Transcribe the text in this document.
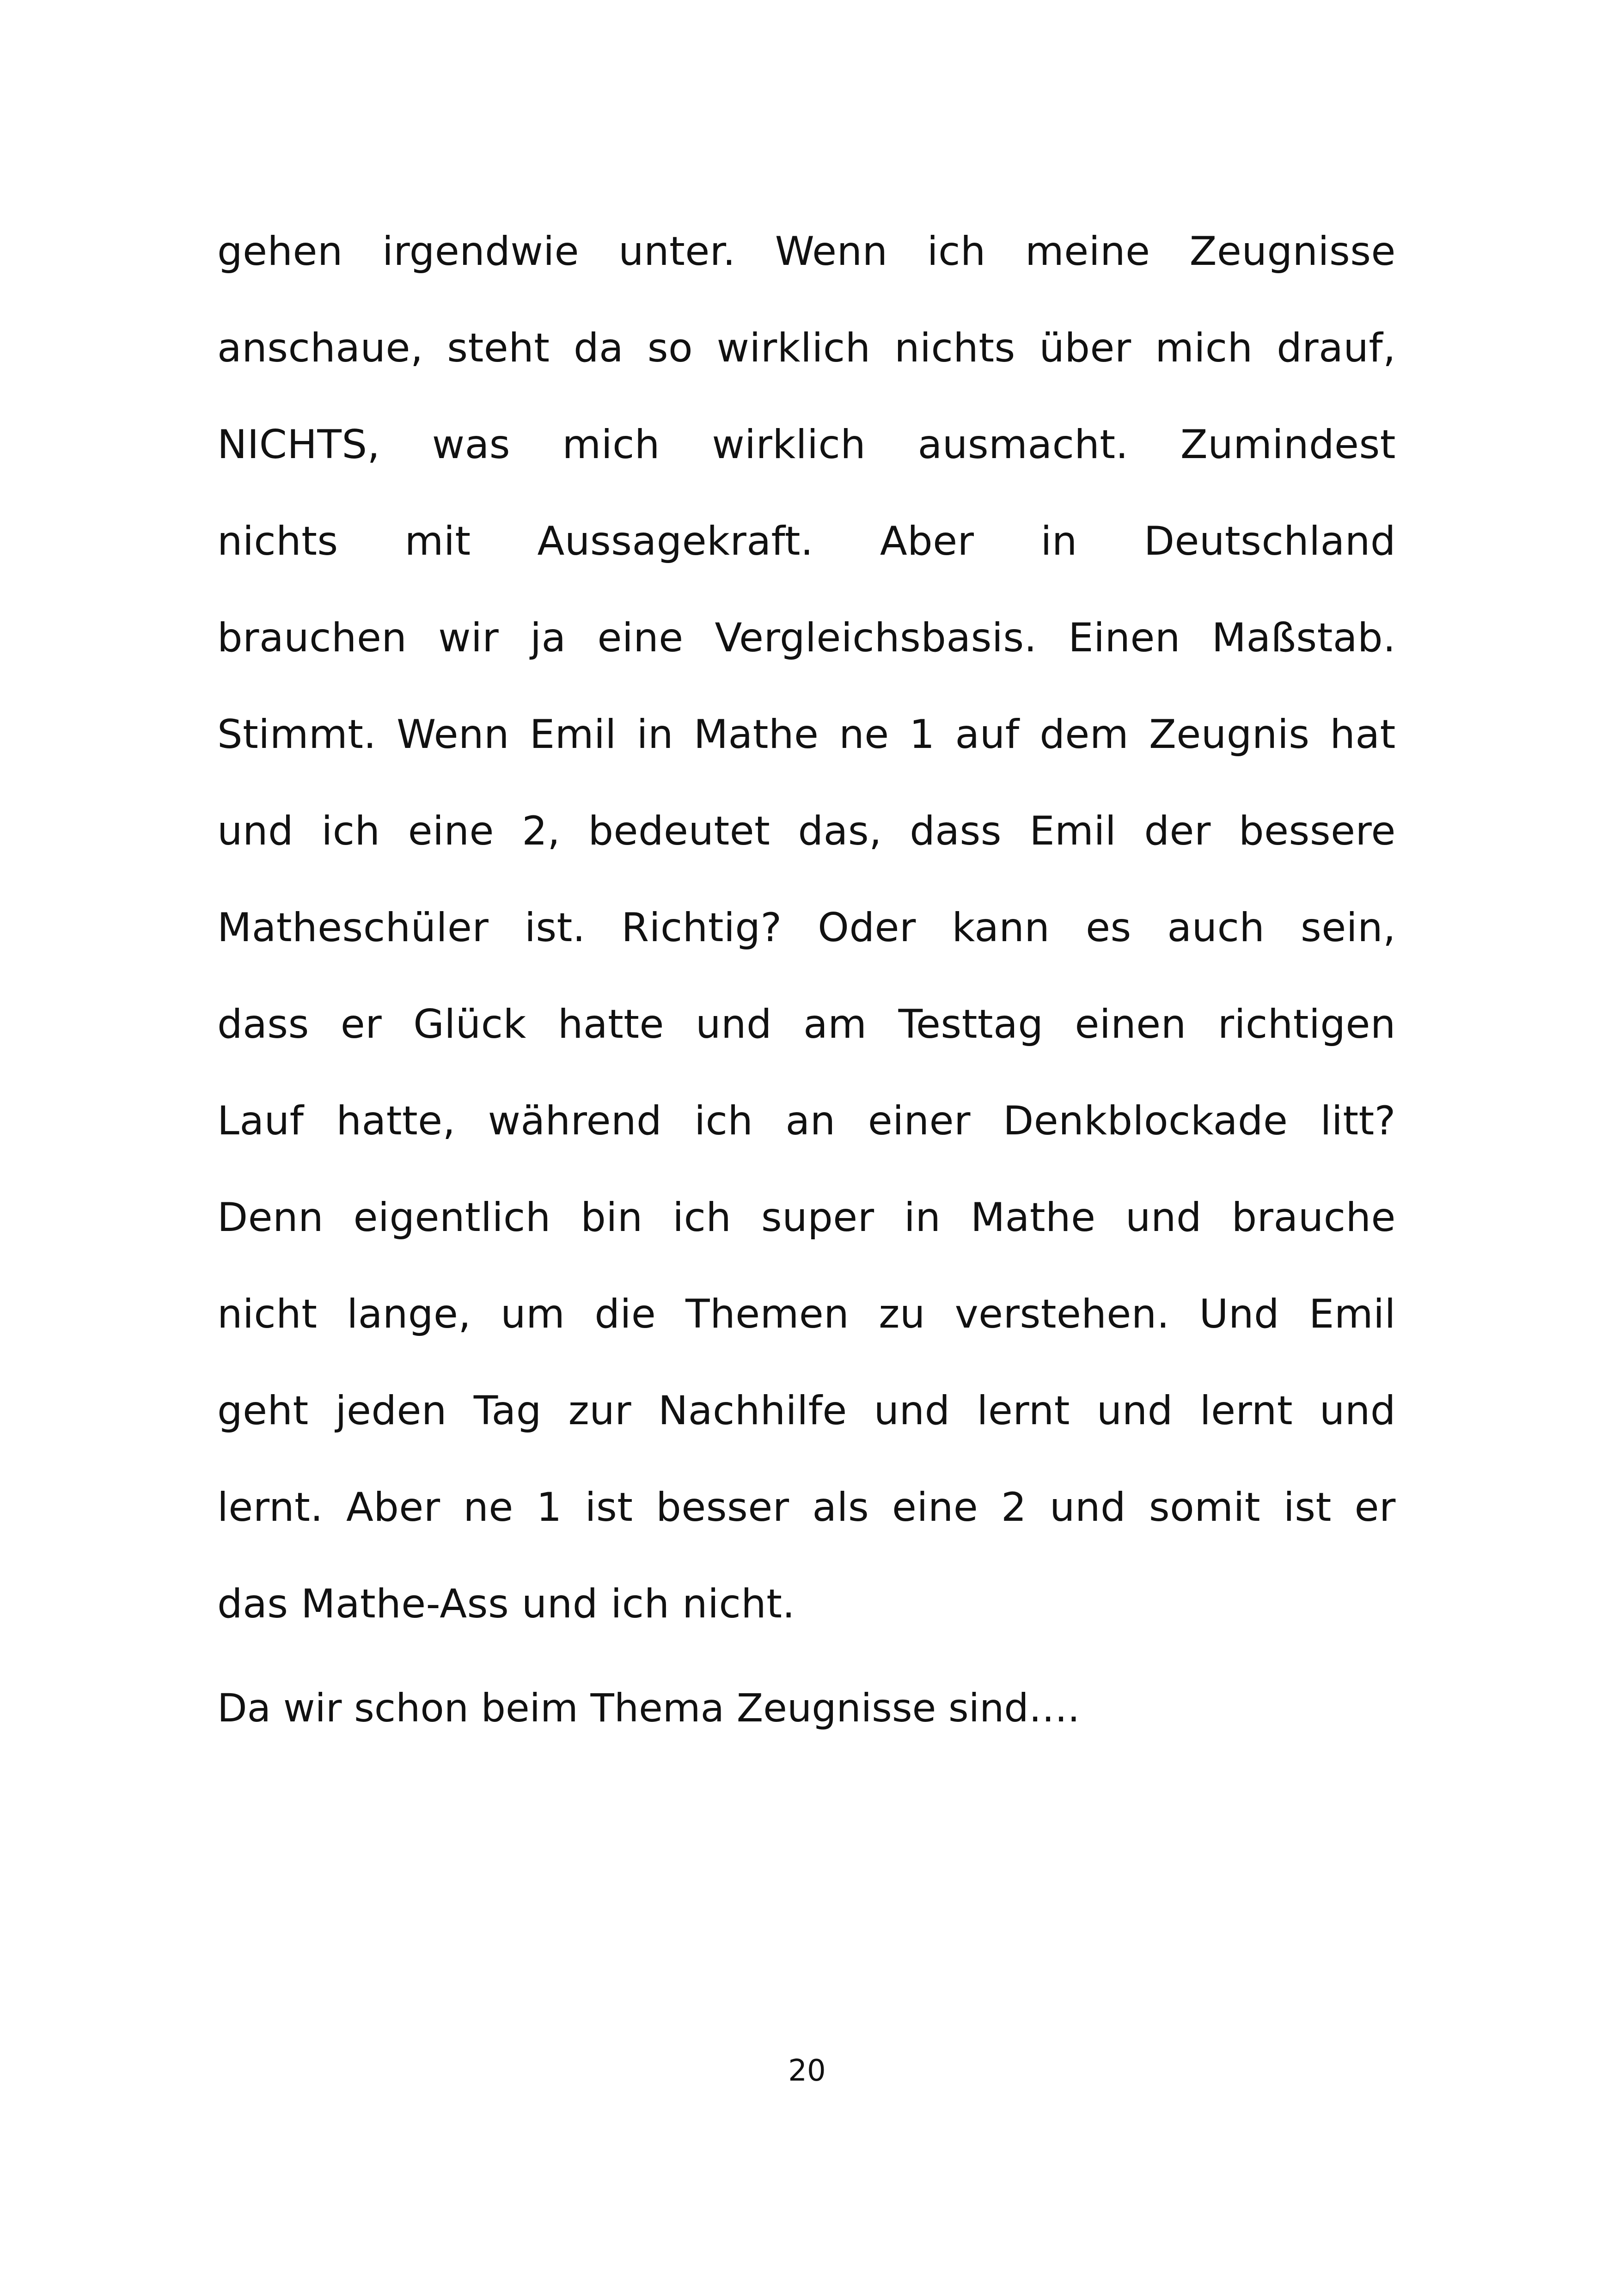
gehen irgendwie unter. Wenn ich meine Zeugnisse
anschaue, steht da so wirklich nichts über mich drauf,
NICHTS, was mich wirklich ausmacht. Zumindest
nichts mit Aussagekraft. Aber in Deutschland
brauchen wir ja eine Vergleichsbasis. Einen Maßstab.
Stimmt. Wenn Emil in Mathe ne 1 auf dem Zeugnis hat
und ich eine 2, bedeutet das, dass Emil der bessere
Matheschüler ist. Richtig? Oder kann es auch sein,
dass er Glück hatte und am Testtag einen richtigen
Lauf hatte, während ich an einer Denkblockade litt?
Denn eigentlich bin ich super in Mathe und brauche
nicht lange, um die Themen zu verstehen. Und Emil
geht jeden Tag zur Nachhilfe und lernt und lernt und
lernt. Aber ne 1 ist besser als eine 2 und somit ist er
das Mathe-Ass und ich nicht.
Da wir schon beim Thema Zeugnisse sind….
20
